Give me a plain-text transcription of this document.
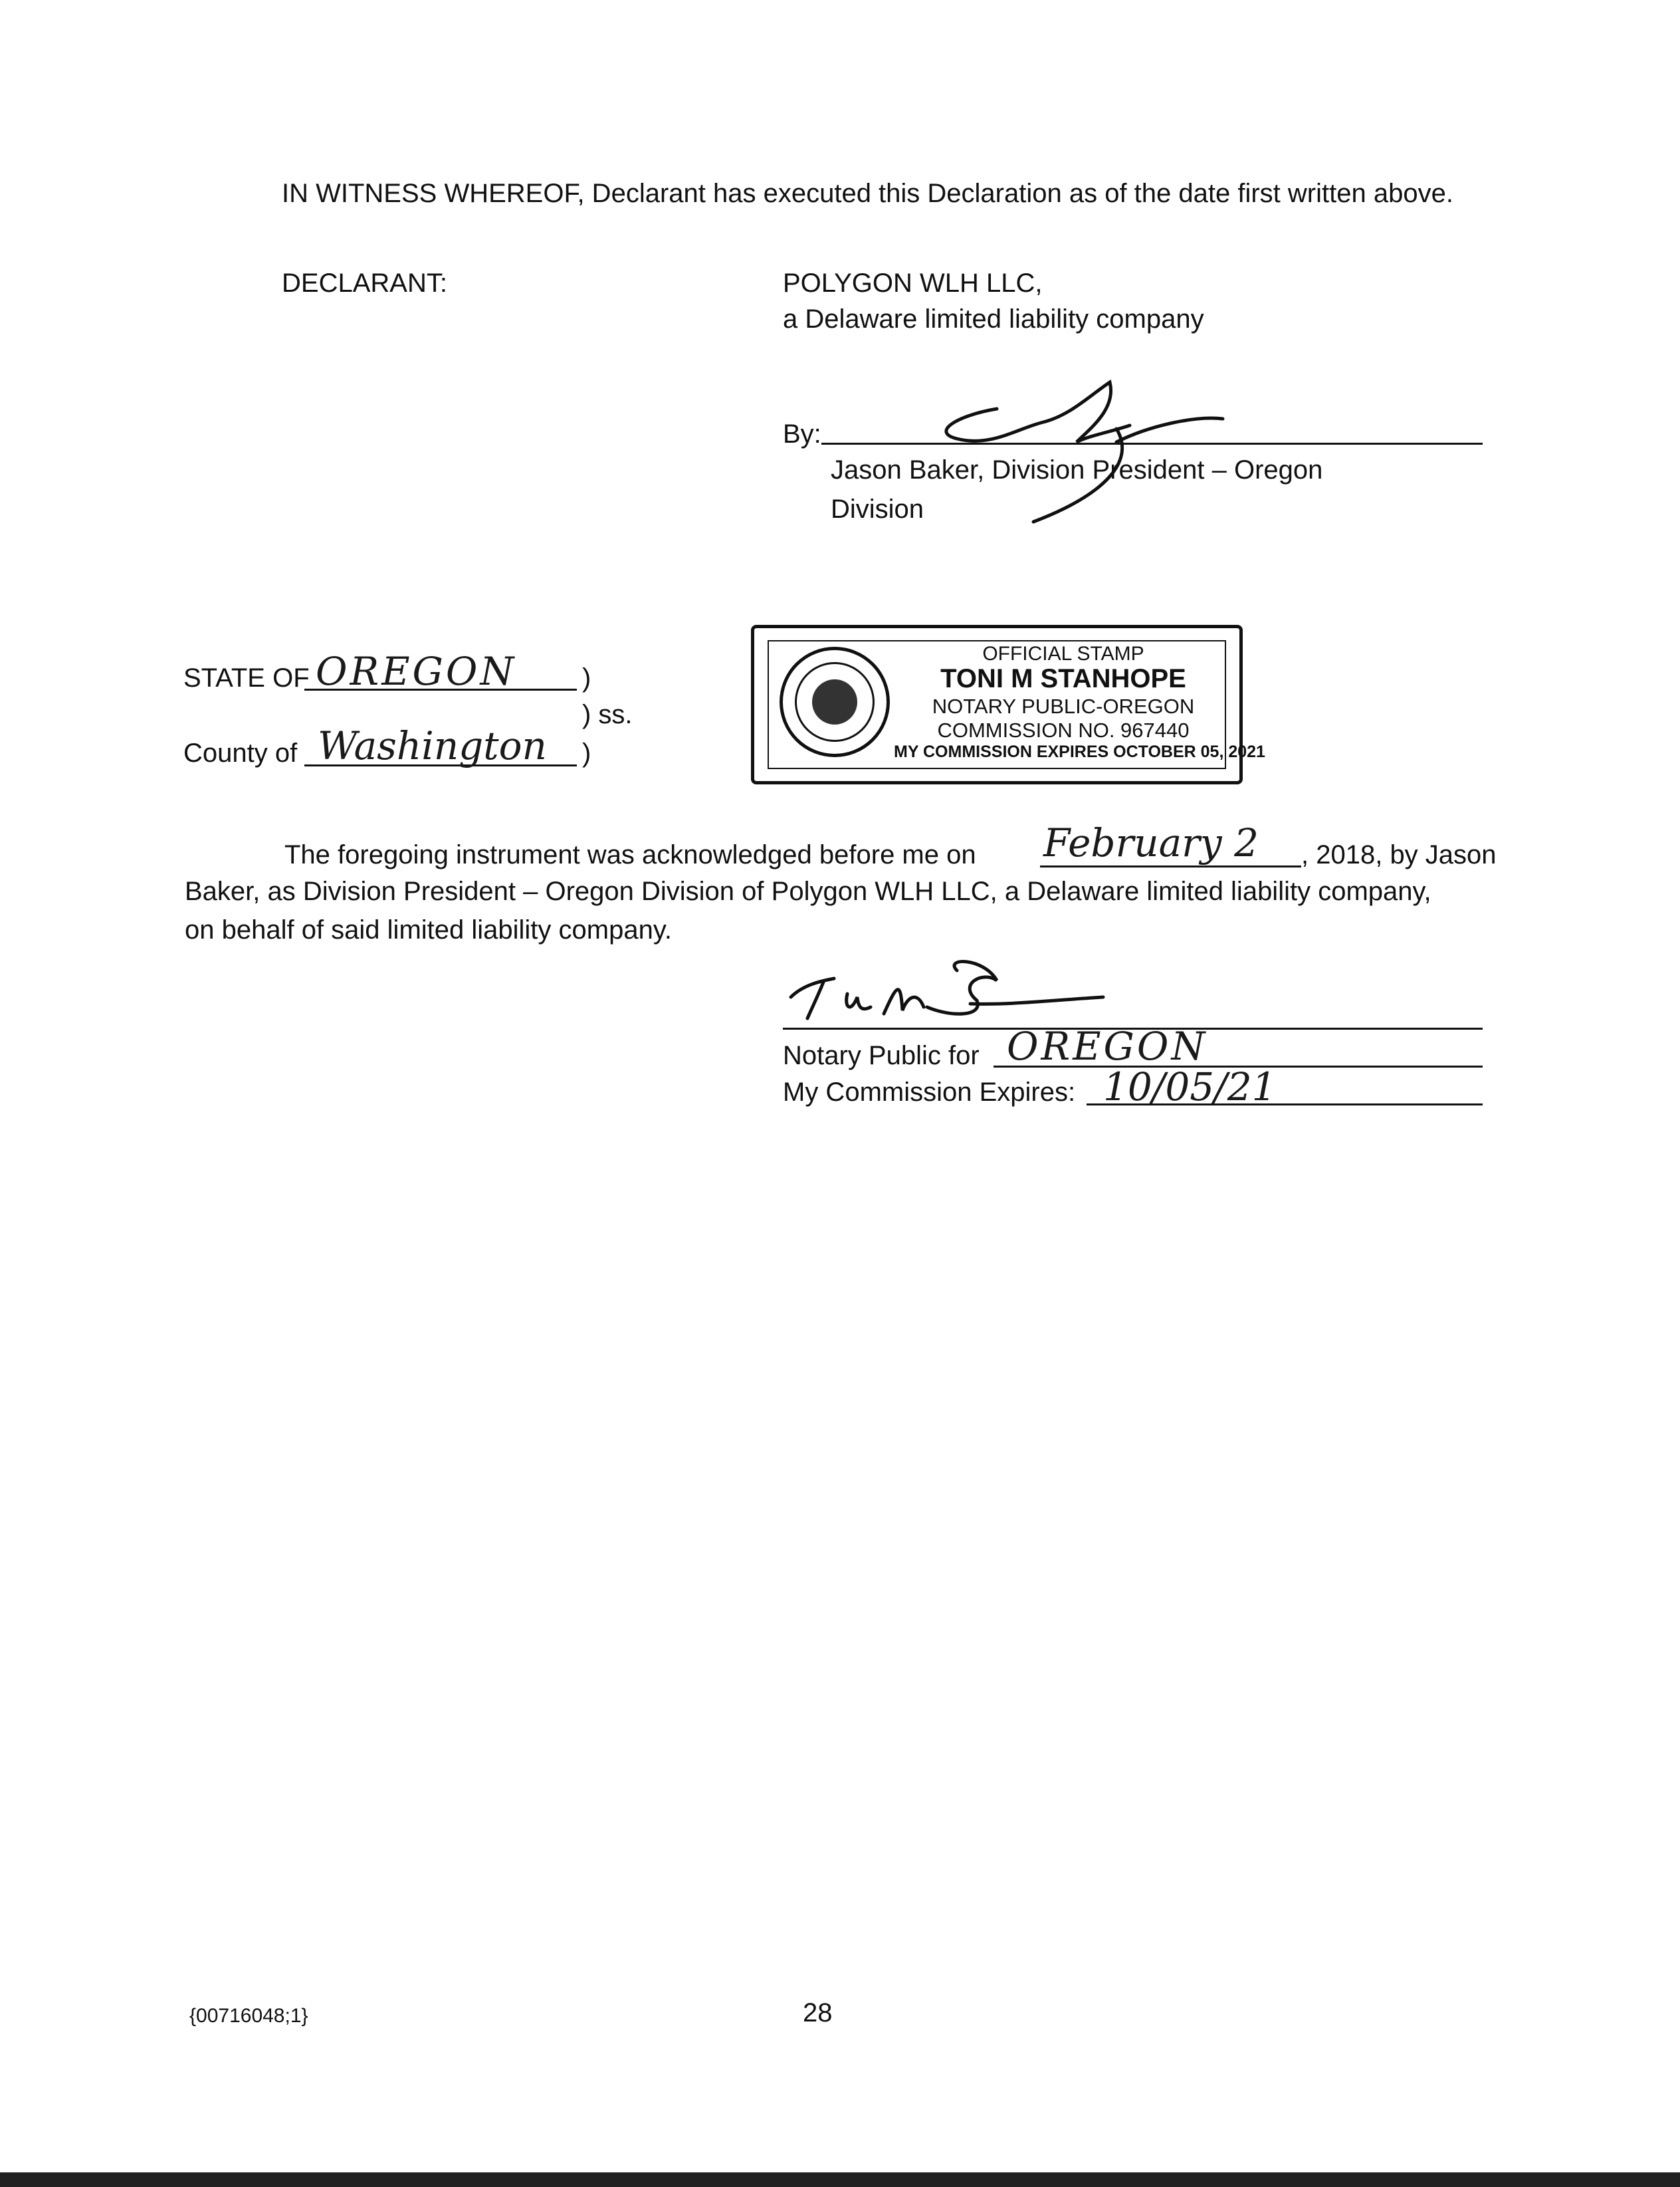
IN WITNESS WHEREOF, Declarant has executed this Declaration as of the date first written above.
DECLARANT:	POLYGON WLH LLC,
a Delaware limited liability company
By:
Jason Baker, Division President – Oregon
Division
STATE OF OREGON )
) ss.
County of Washington )
OFFICIAL STAMP
TONI M STANHOPE
NOTARY PUBLIC-OREGON
COMMISSION NO. 967440
MY COMMISSION EXPIRES OCTOBER 05, 2021
The foregoing instrument was acknowledged before me on February 2 , 2018, by Jason
Baker, as Division President – Oregon Division of Polygon WLH LLC, a Delaware limited liability company,
on behalf of said limited liability company.
Notary Public for OREGON
My Commission Expires: 10/05/21
{00716048;1}	28
